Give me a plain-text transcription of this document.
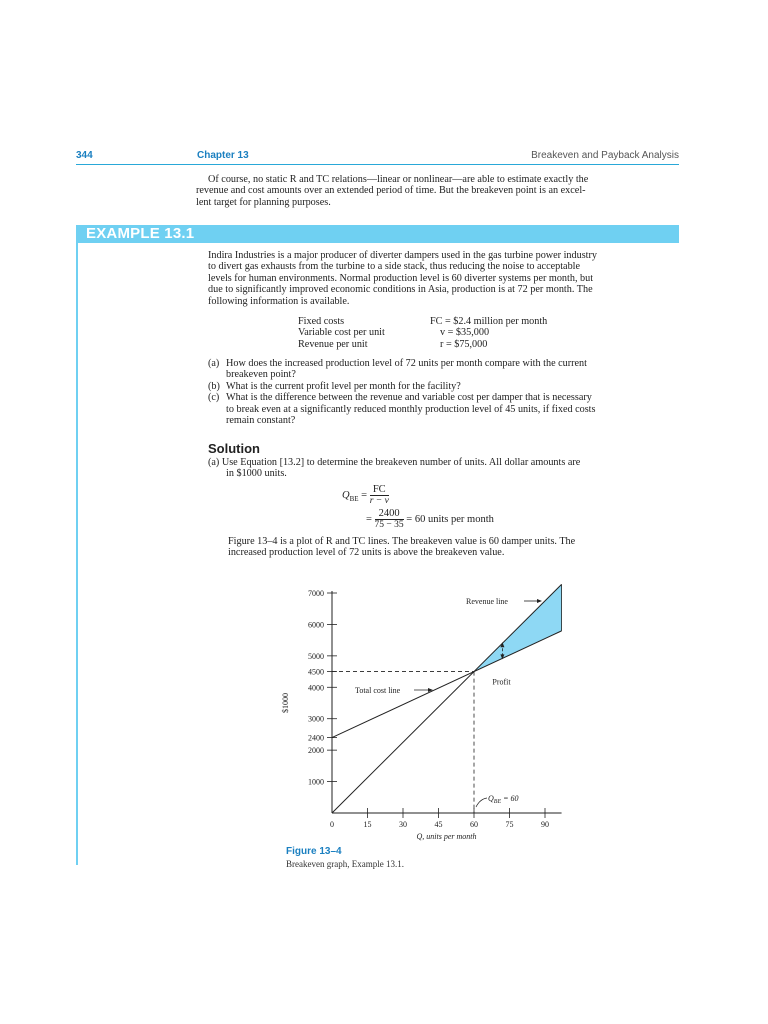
344	Chapter 13	Breakeven and Payback Analysis

Of course, no static R and TC relations—linear or nonlinear—are able to estimate exactly the

revenue and cost amounts over an extended period of time. But the breakeven point is an excel-

lent target for planning purposes.

EXAMPLE 13.1

Indira Industries is a major producer of diverter dampers used in the gas turbine power industry

to divert gas exhausts from the turbine to a side stack, thus reducing the noise to acceptable

levels for human environments. Normal production level is 60 diverter systems per month, but

due to significantly improved economic conditions in Asia, production is at 72 per month. The

following information is available.

Fixed costs	FC = $2.4 million per month
Variable cost per unit	v = $35,000
Revenue per unit	r = $75,000
(a) How does the increased production level of 72 units per month compare with the current
breakeven point?
(b) What is the current profit level per month for the facility?
(c) What is the difference between the revenue and variable cost per damper that is necessary
to break even at a significantly reduced monthly production level of 45 units, if fixed costs
remain constant?
Solution

(a) Use Equation [13.2] to determine the breakeven number of units. All dollar amounts are

in $1000 units.

$Q_{BE} = \frac{FC}{r - v}$
= $\frac{2400}{75 - 35} = 60$ units per month

Figure 13–4 is a plot of R and TC lines. The breakeven value is 60 damper units. The

increased production level of 72 units is above the breakeven value.

1000
2000
2400
3000
4000
4500
5000
6000
7000
0	15	30	45	60	75	90
Q, units per month
$1000
Profit
Revenue line
Total cost line
$Q_{BE} = 60$
Figure 13–4
Breakeven graph, Example 13.1.
